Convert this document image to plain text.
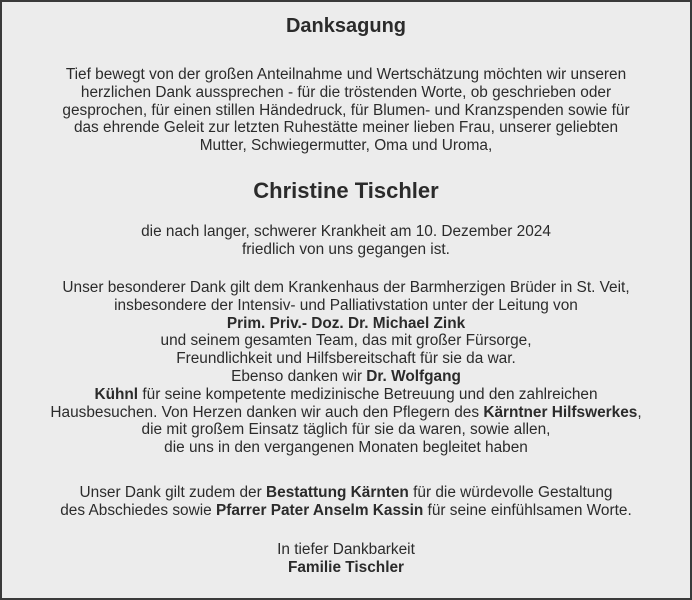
Danksagung
Tief bewegt von der großen Anteilnahme und Wertschätzung möchten wir unseren
herzlichen Dank aussprechen - für die tröstenden Worte, ob geschrieben oder
gesprochen, für einen stillen Händedruck, für Blumen- und Kranzspenden sowie für
das ehrende Geleit zur letzten Ruhestätte meiner lieben Frau, unserer geliebten
Mutter, Schwiegermutter, Oma und Uroma,
Christine Tischler
die nach langer, schwerer Krankheit am 10. Dezember 2024
friedlich von uns gegangen ist.
Unser besonderer Dank gilt dem Krankenhaus der Barmherzigen Brüder in St. Veit,
insbesondere der Intensiv- und Palliativstation unter der Leitung von
Prim. Priv.- Doz. Dr. Michael Zink
und seinem gesamten Team, das mit großer Fürsorge,
Freundlichkeit und Hilfsbereitschaft für sie da war.
Ebenso danken wir Dr. Wolfgang
Kühnl für seine kompetente medizinische Betreuung und den zahlreichen
Hausbesuchen. Von Herzen danken wir auch den Pflegern des Kärntner Hilfswerkes,
die mit großem Einsatz täglich für sie da waren, sowie allen,
die uns in den vergangenen Monaten begleitet haben
Unser Dank gilt zudem der Bestattung Kärnten für die würdevolle Gestaltung
des Abschiedes sowie Pfarrer Pater Anselm Kassin für seine einfühlsamen Worte.
In tiefer Dankbarkeit
Familie Tischler
